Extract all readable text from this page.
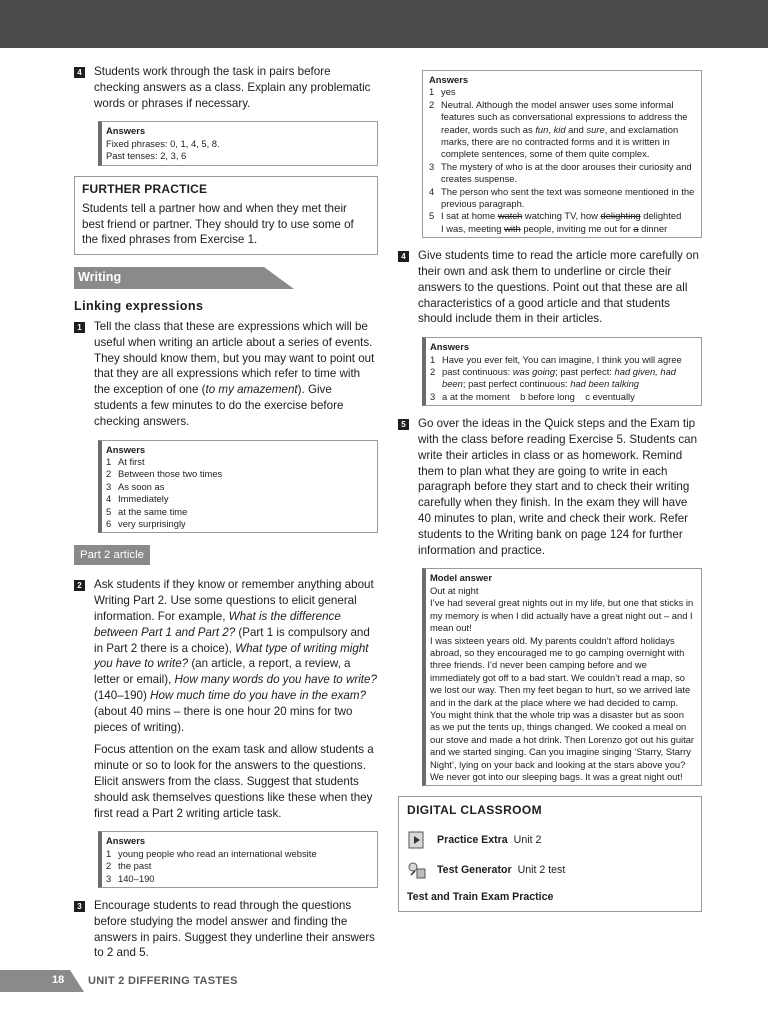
4 Students work through the task in pairs before checking answers as a class. Explain any problematic words or phrases if necessary.

Answers
Fixed phrases: 0, 1, 4, 5, 8.
Past tenses: 2, 3, 6
FURTHER PRACTICE
Students tell a partner how and when they met their best friend or partner. They should try to use some of the fixed phrases from Exercise 1.
Writing
Linking expressions
1 Tell the class that these are expressions which will be useful when writing an article about a series of events. They should know them, but you may want to point out that they are all expressions which refer to time with the exception of one (to my amazement). Give students a few minutes to do the exercise before checking answers.

Answers
1 At first
2 Between those two times
3 As soon as
4 Immediately
5 at the same time
6 very surprisingly
Part 2 article
2 Ask students if they know or remember anything about Writing Part 2. Use some questions to elicit general information. For example, What is the difference between Part 1 and Part 2? (Part 1 is compulsory and in Part 2 there is a choice), What type of writing might you have to write? (an article, a report, a review, a letter or email), How many words do you have to write? (140–190) How much time do you have in the exam? (about 40 mins – there is one hour 20 mins for two pieces of writing).

Focus attention on the exam task and allow students a minute or so to look for the answers to the questions. Elicit answers from the class. Suggest that students should ask themselves questions like these when they first read a Part 2 writing article task.

Answers
1 young people who read an international website
2 the past
3 140–190
3 Encourage students to read through the questions before studying the model answer and finding the answers in pairs. Suggest they underline their answers to 2 and 5.

Answers
1 yes
2 Neutral. Although the model answer uses some informal features such as conversational expressions to address the reader, words such as fun, kid and sure, and exclamation marks, there are no contracted forms and it is written in complete sentences, some of them quite complex.
3 The mystery of who is at the door arouses their curiosity and creates suspense.
4 The person who sent the text was someone mentioned in the previous paragraph.
5 I sat at home watch watching TV, how delighting delighted
I was, meeting with people, inviting me out for a dinner
4 Give students time to read the article more carefully on their own and ask them to underline or circle their answers to the questions. Point out that these are all characteristics of a good article and that students should include them in their articles.

Answers
1 Have you ever felt, You can imagine, I think you will agree
2 past continuous: was going; past perfect: had given, had been; past perfect continuous: had been talking
3 a at the moment    b before long    c eventually
5 Go over the ideas in the Quick steps and the Exam tip with the class before reading Exercise 5. Students can write their articles in class or as homework. Remind them to plan what they are going to write in each paragraph before they start and to check their writing carefully when they finish. In the exam they will have 40 minutes to plan, write and check their work. Refer students to the Writing bank on page 124 for further information and practice.

Model answer
Out at night
I’ve had several great nights out in my life, but one that sticks in my memory is when I did actually have a great night out – and I mean out!
I was sixteen years old. My parents couldn’t afford holidays abroad, so they encouraged me to go camping overnight with three friends. I’d never been camping before and we immediately got off to a bad start. We couldn’t read a map, so we lost our way. Then my feet began to hurt, so we arrived late and in the dark at the place where we had decided to camp. You might think that the whole trip was a disaster but as soon as we put the tents up, things changed. We cooked a meal on our stove and made a hot drink. Then Lorenzo got out his guitar and we started singing. Can you imagine singing ‘Starry, Starry Night’, lying on your back and looking at the stars above you? We never got into our sleeping bags. It was a great night out!
DIGITAL CLASSROOM
Practice Extra Unit 2
Test Generator Unit 2 test
Test and Train Exam Practice
18 UNIT 2 DIFFERING TASTES
